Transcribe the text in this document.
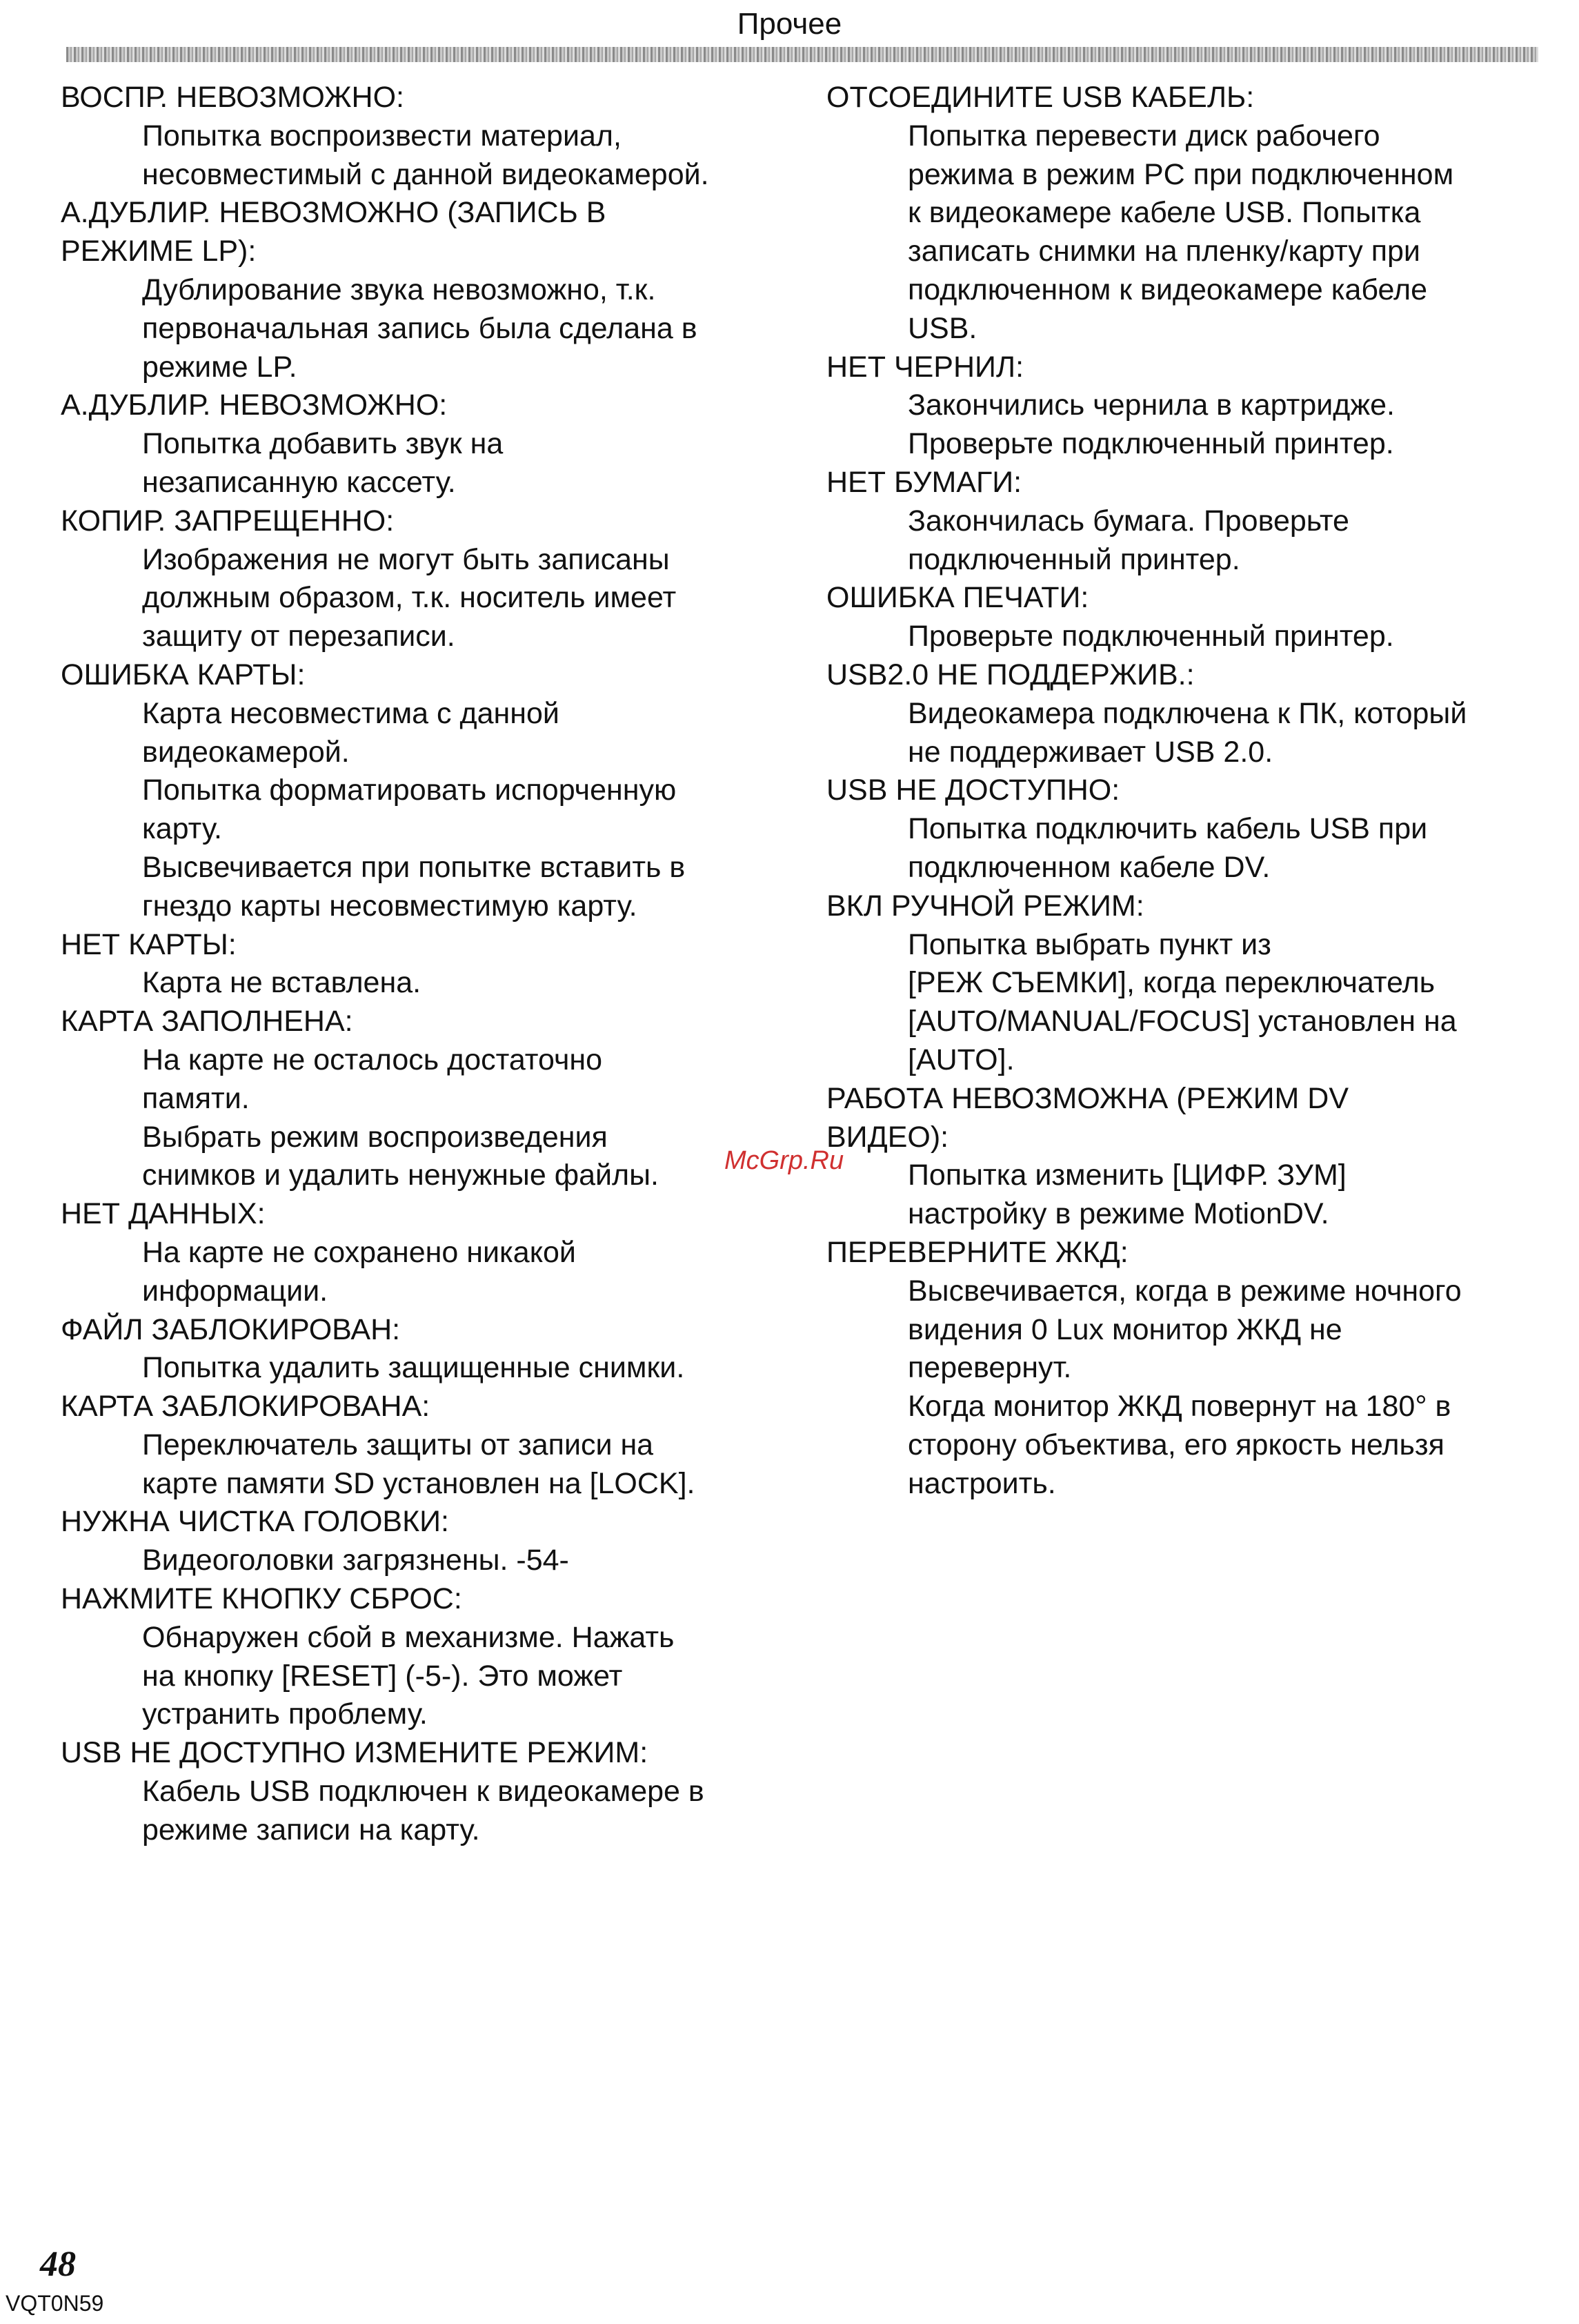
Прочее

ВОСПР. НЕВОЗМОЖНО:

Попытка воспроизвести материал,

несовместимый с данной видеокамерой.

А.ДУБЛИР. НЕВОЗМОЖНО (ЗАПИСЬ В

РЕЖИМЕ LP):

Дублирование звука невозможно, т.к.

первоначальная запись была сделана в

режиме LP.

А.ДУБЛИР. НЕВОЗМОЖНО:

Попытка добавить звук на

незаписанную кассету.

КОПИР. ЗАПРЕЩЕННО:

Изображения не могут быть записаны

должным образом, т.к. носитель имеет

защиту от перезаписи.

ОШИБКА КАРТЫ:

Карта несовместима с данной

видеокамерой.

Попытка форматировать испорченную

карту.

Высвечивается при попытке вставить в

гнездо карты несовместимую карту.

НЕТ КАРТЫ:

Карта не вставлена.

КАРТА ЗАПОЛНЕНА:

На карте не осталось достаточно

памяти.

Выбрать режим воспроизведения

снимков и удалить ненужные файлы.

НЕТ ДАННЫХ:

На карте не сохранено никакой

информации.

ФАЙЛ ЗАБЛОКИРОВАН:

Попытка удалить защищенные снимки.

КАРТА ЗАБЛОКИРОВАНА:

Переключатель защиты от записи на

карте памяти SD установлен на [LOCK].

НУЖНА ЧИСТКА ГОЛОВКИ:

Видеоголовки загрязнены. -54-

НАЖМИТЕ КНОПКУ СБРОС:

Обнаружен сбой в механизме. Нажать

на кнопку [RESET] (-5-). Это может

устранить проблему.

USB НЕ ДОСТУПНО ИЗМЕНИТЕ РЕЖИМ:

Кабель USB подключен к видеокамере в

режиме записи на карту.

ОТСОЕДИНИТЕ USB КАБЕЛЬ:

Попытка перевести диск рабочего

режима в режим PC при подключенном

к видеокамере кабеле USB. Попытка

записать снимки на пленку/карту при

подключенном к видеокамере кабеле

USB.

НЕТ ЧЕРНИЛ:

Закончились чернила в картридже.

Проверьте подключенный принтер.

НЕТ БУМАГИ:

Закончилась бумага. Проверьте

подключенный принтер.

ОШИБКА ПЕЧАТИ:

Проверьте подключенный принтер.

USB2.0 НЕ ПОДДЕРЖИВ.:

Видеокамера подключена к ПК, который

не поддерживает USB 2.0.

USB НЕ ДОСТУПНО:

Попытка подключить кабель USB при

подключенном кабеле DV.

ВКЛ РУЧНОЙ РЕЖИМ:

Попытка выбрать пункт из

[РЕЖ СЪЕМКИ], когда переключатель

[AUTO/MANUAL/FOCUS] установлен на

[AUTO].

РАБОТА НЕВОЗМОЖНА (РЕЖИМ DV

ВИДЕО):

Попытка изменить [ЦИФР. ЗУМ]

настройку в режиме MotionDV.

ПЕРЕВЕРНИТЕ ЖКД:

Высвечивается, когда в режиме ночного

видения 0 Lux монитор ЖКД не

перевернут.

Когда монитор ЖКД повернут на 180° в

сторону объектива, его яркость нельзя

настроить.

McGrp.Ru
48
VQT0N59
